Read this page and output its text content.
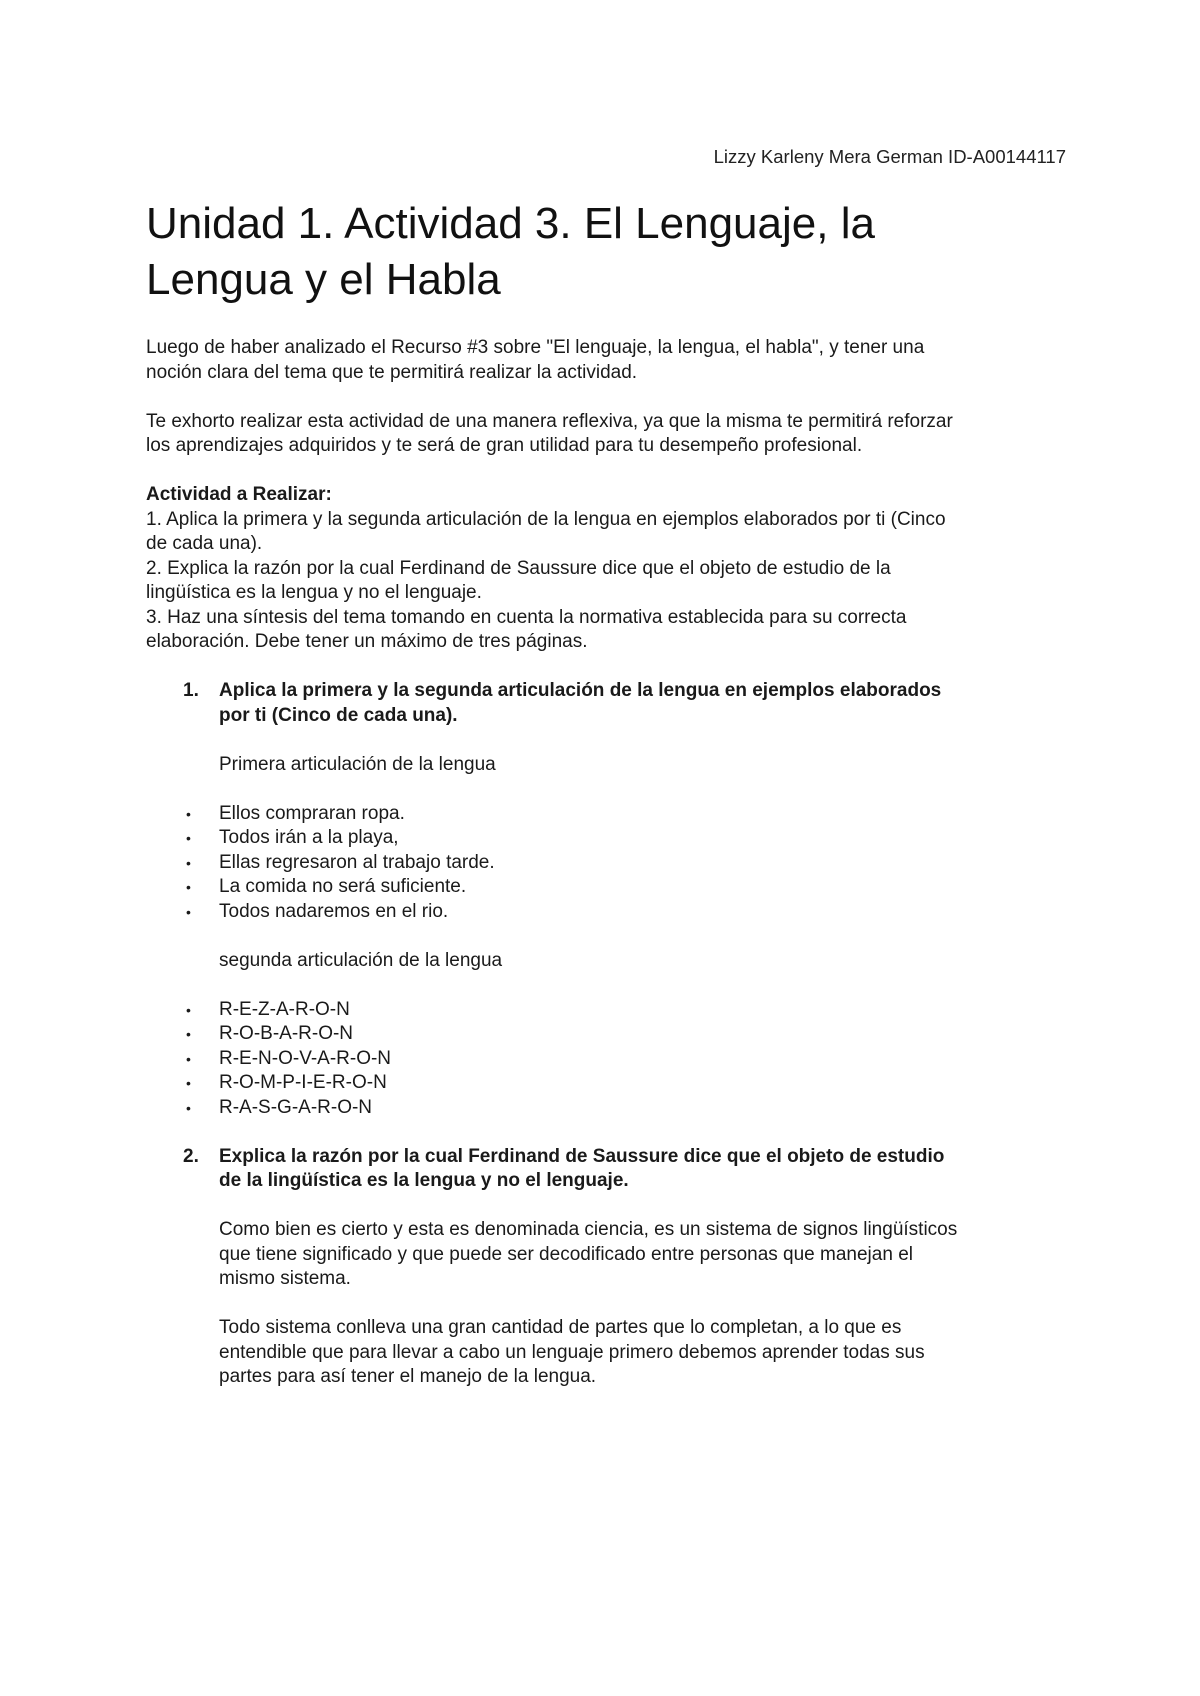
Lizzy Karleny Mera German ID-A00144117
Unidad 1. Actividad 3. El Lenguaje, la
Lengua y el Habla

Luego de haber analizado el Recurso #3 sobre "El lenguaje, la lengua, el habla", y tener una
noción clara del tema que te permitirá realizar la actividad.

Te exhorto realizar esta actividad de una manera reflexiva, ya que la misma te permitirá reforzar
los aprendizajes adquiridos y te será de gran utilidad para tu desempeño profesional.

Actividad a Realizar:

1. Aplica la primera y la segunda articulación de la lengua en ejemplos elaborados por ti (Cinco

de cada una).

2. Explica la razón por la cual Ferdinand de Saussure dice que el objeto de estudio de la

lingüística es la lengua y no el lenguaje.

3. Haz una síntesis del tema tomando en cuenta la normativa establecida para su correcta

elaboración. Debe tener un máximo de tres páginas.

1. Aplica la primera y la segunda articulación de la lengua en ejemplos elaborados
por ti (Cinco de cada una).

Primera articulación de la lengua

• Ellos compraran ropa.
• Todos irán a la playa,
• Ellas regresaron al trabajo tarde.
• La comida no será suficiente.
• Todos nadaremos en el rio.

segunda articulación de la lengua

• R-E-Z-A-R-O-N
• R-O-B-A-R-O-N
• R-E-N-O-V-A-R-O-N
• R-O-M-P-I-E-R-O-N
• R-A-S-G-A-R-O-N
2. Explica la razón por la cual Ferdinand de Saussure dice que el objeto de estudio
de la lingüística es la lengua y no el lenguaje.

Como bien es cierto y esta es denominada ciencia, es un sistema de signos lingüísticos
que tiene significado y que puede ser decodificado entre personas que manejan el
mismo sistema.

Todo sistema conlleva una gran cantidad de partes que lo completan, a lo que es
entendible que para llevar a cabo un lenguaje primero debemos aprender todas sus
partes para así tener el manejo de la lengua.
